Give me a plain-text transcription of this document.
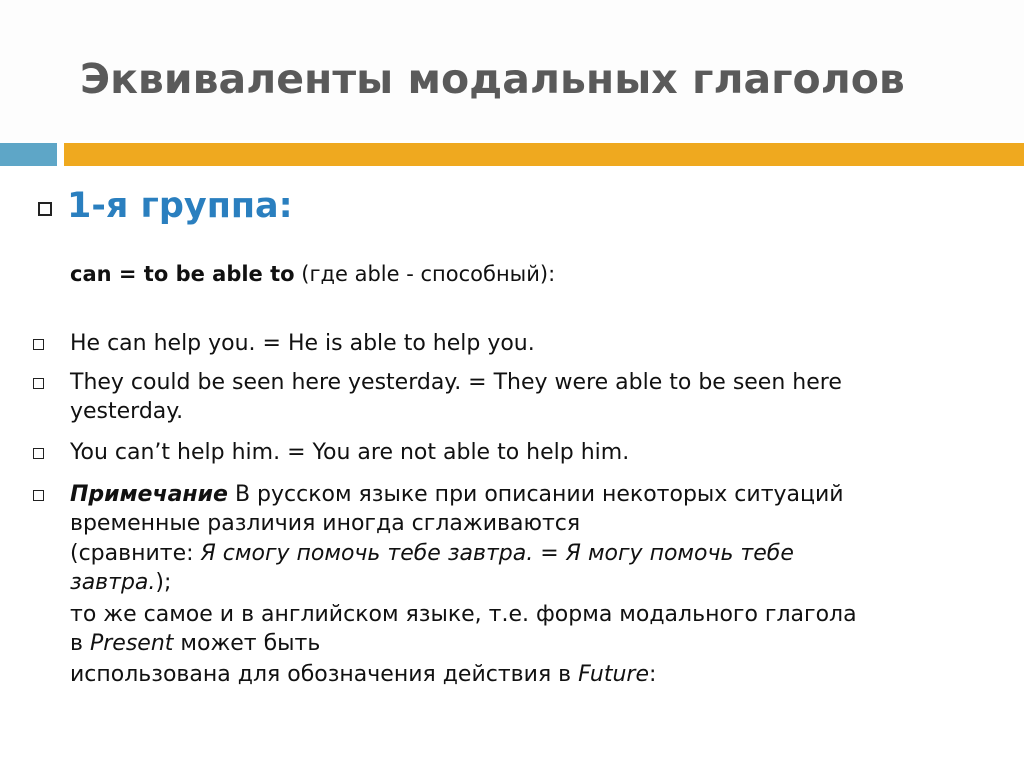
Эквиваленты модальных глаголов
1-я группа:
can = to be able to (где able - способный):
He can help you. = He is able to help you.
They could be seen here yesterday. = They were able to be seen here
yesterday.
You can’t help him. = You are not able to help him.
Примечание В русском языке при описании некоторых ситуаций
временные различия иногда сглаживаются
(сравните: Я смогу помочь тебе завтра. = Я могу помочь тебе
завтра.);
то же самое и в английском языке, т.е. форма модального глагола
в Present может быть
использована для обозначения действия в Future:
